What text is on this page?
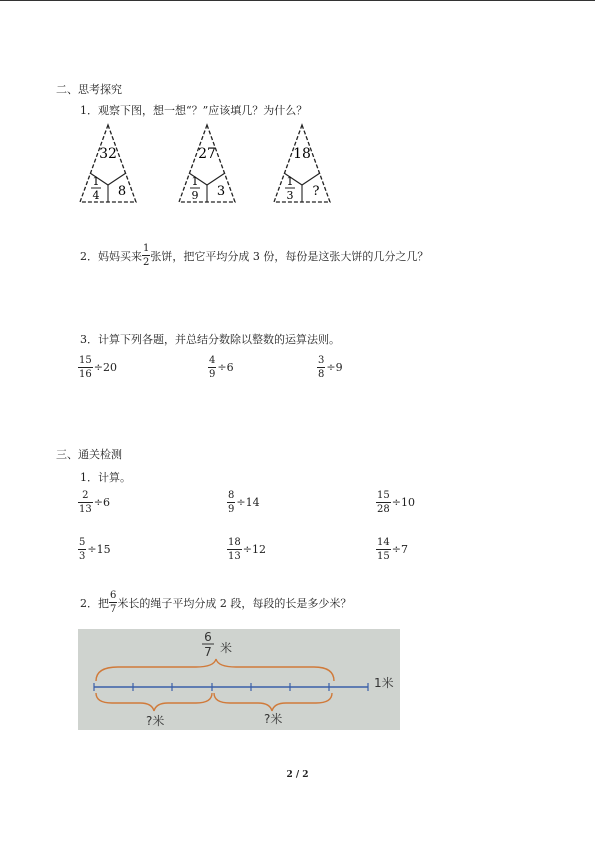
二、思考探究
1．观察下图，想一想“？”应该填几？为什么？
32
1
4 8
27
1
9 3
18
1
3 ?
2．妈妈买来 $\frac{1}{2}$ 张饼，把它平均分成 3 份，每份是这张大饼的几分之几？
3．计算下列各题，并总结分数除以整数的运算法则。
$\frac{15}{16} \div 20$	$\frac{4}{9} \div 6$	$\frac{3}{8} \div 9$
三、通关检测
1．计算。
$\frac{2}{13} \div 6$	$\frac{8}{9} \div 14$	$\frac{15}{28} \div 10$
$\frac{5}{3} \div 15$	$\frac{18}{13} \div 12$	$\frac{14}{15} \div 7$
2．把 $\frac{6}{7}$ 米长的绳子平均分成 2 段，每段的长是多少米？
6
7 米
1米
?米	?米
2 / 2
